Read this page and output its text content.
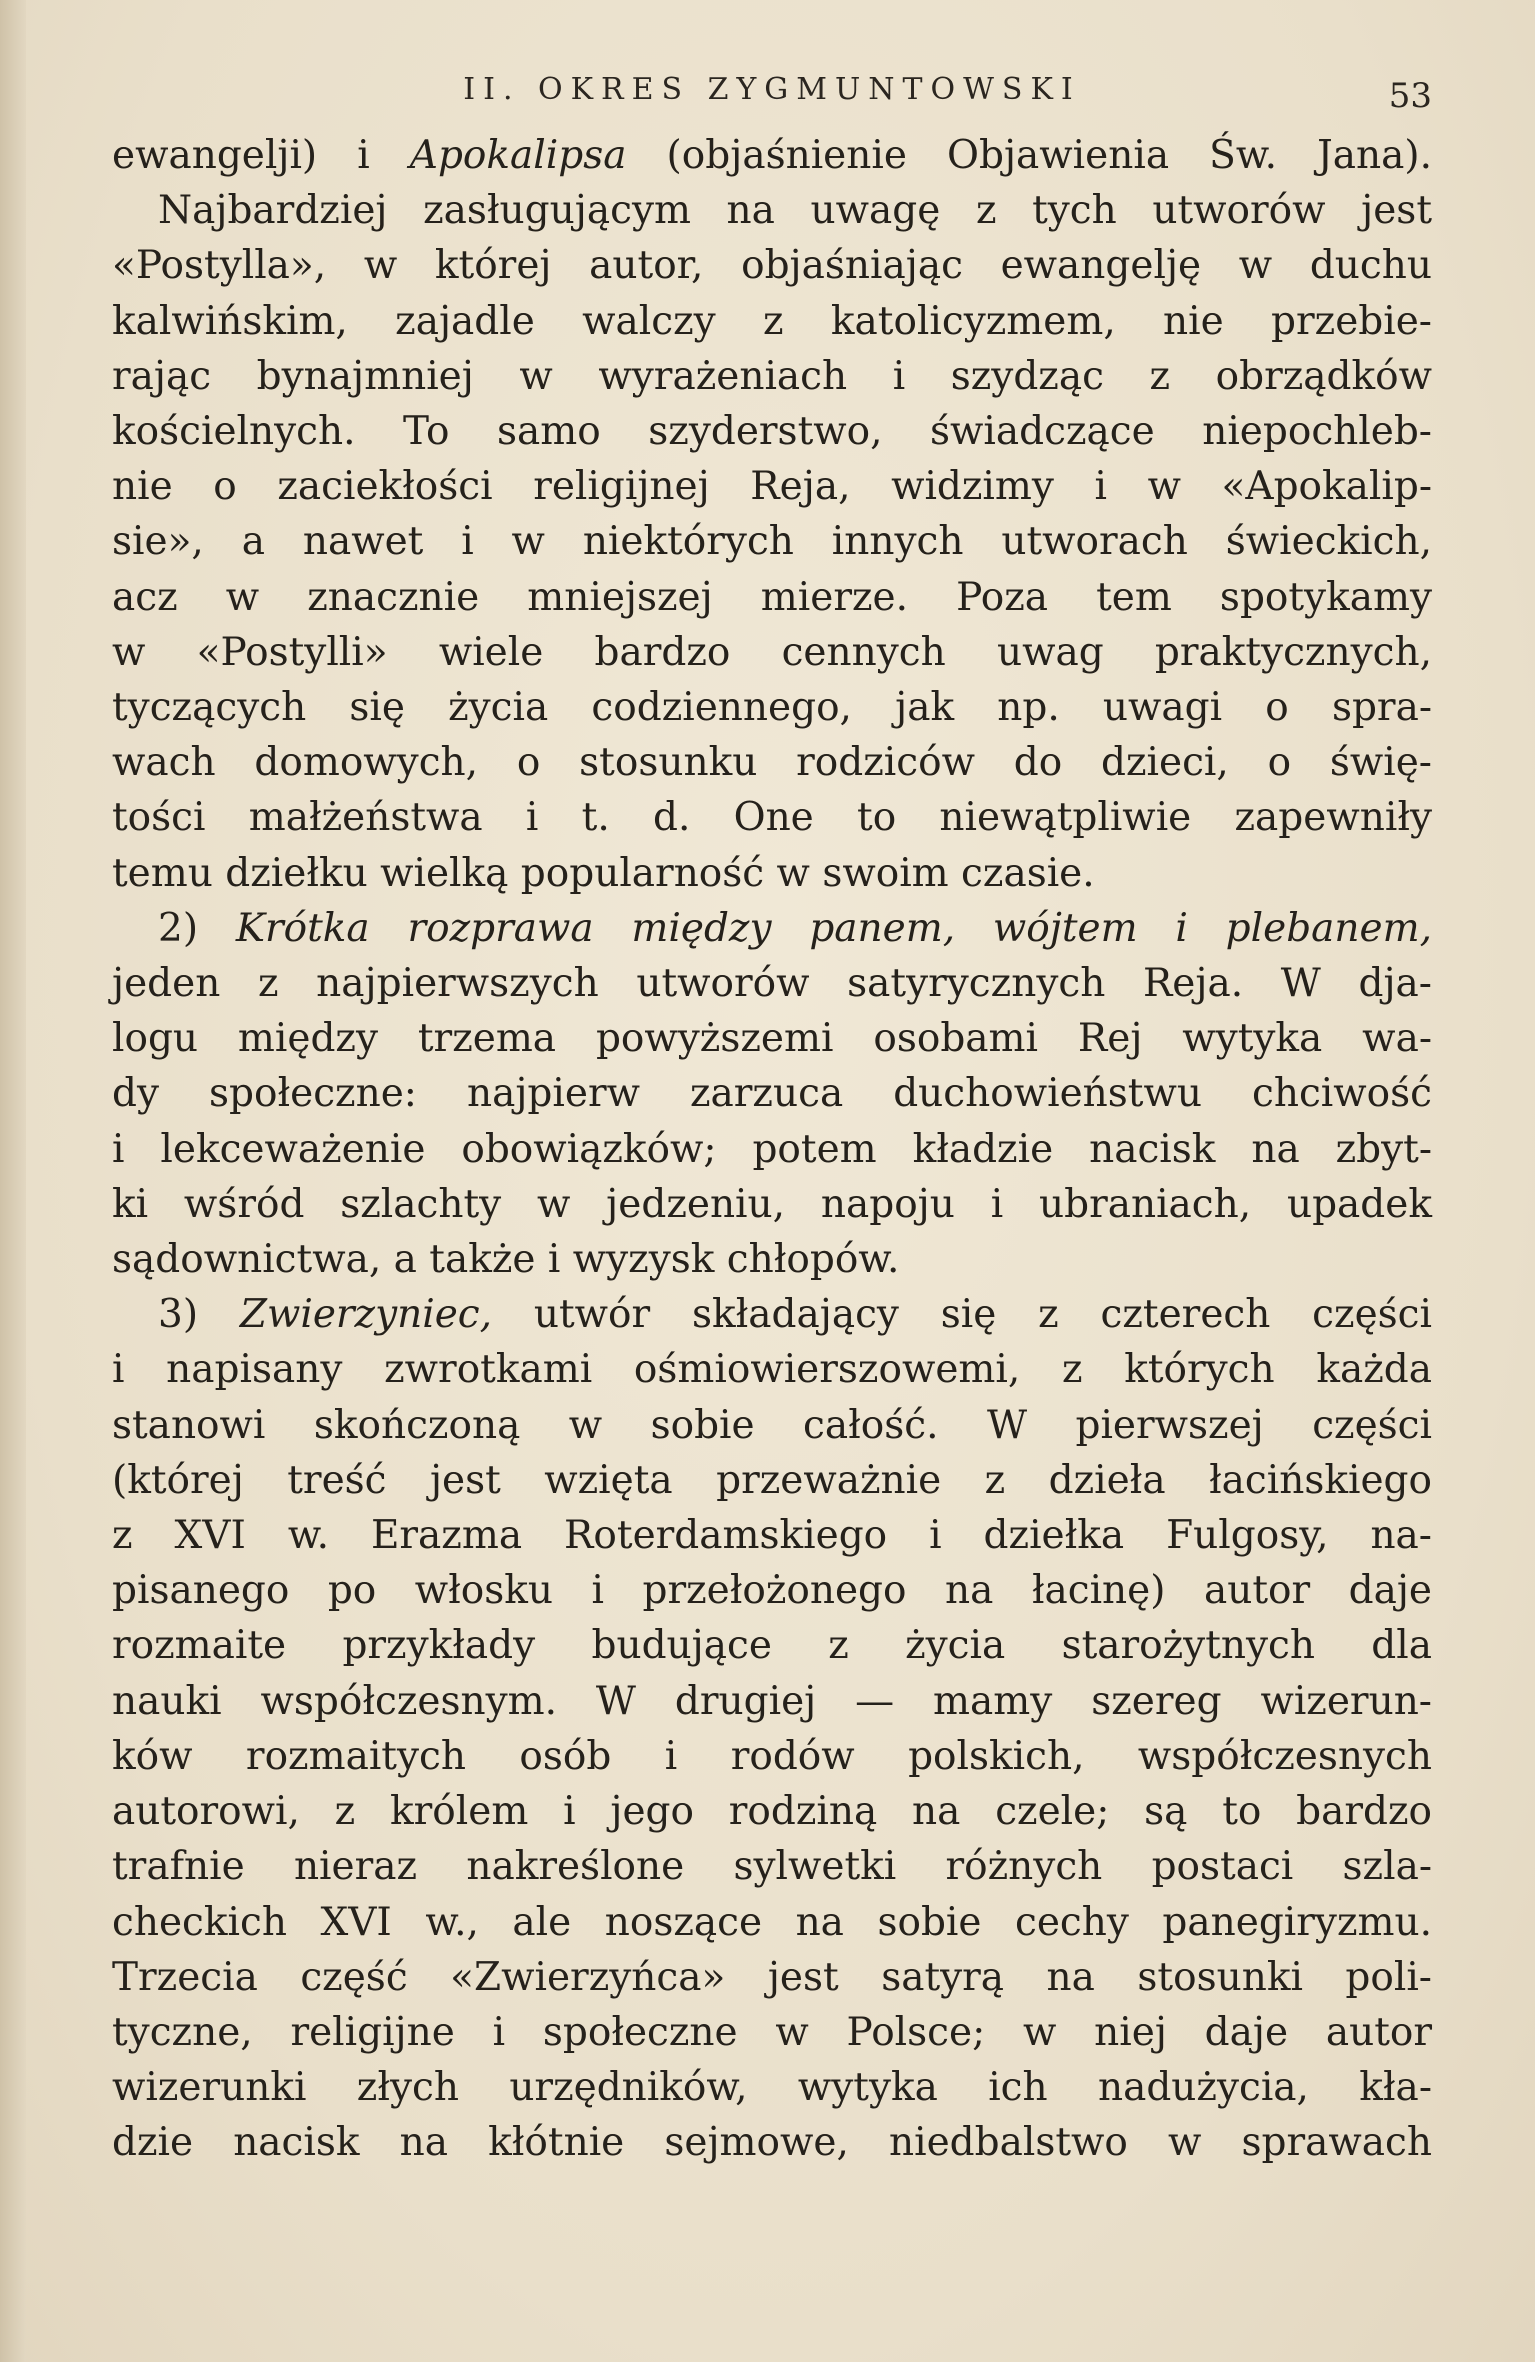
II. OKRES ZYGMUNTOWSKI	53

ewangelji) i Apokalipsa (objaśnienie Objawienia Św. Jana).

Najbardziej zasługującym na uwagę z tych utworów jest

«Postylla», w której autor, objaśniając ewangelję w duchu

kalwińskim, zajadle walczy z katolicyzmem, nie przebie-

rając bynajmniej w wyrażeniach i szydząc z obrządków

kościelnych. To samo szyderstwo, świadczące niepochleb-

nie o zaciekłości religijnej Reja, widzimy i w «Apokalip-

sie», a nawet i w niektórych innych utworach świeckich,

acz w znacznie mniejszej mierze. Poza tem spotykamy

w «Postylli» wiele bardzo cennych uwag praktycznych,

tyczących się życia codziennego, jak np. uwagi o spra-

wach domowych, o stosunku rodziców do dzieci, o świę-

tości małżeństwa i t. d. One to niewątpliwie zapewniły

temu dziełku wielką popularność w swoim czasie.

2) Krótka rozprawa między panem, wójtem i plebanem,

jeden z najpierwszych utworów satyrycznych Reja. W dja-

logu między trzema powyższemi osobami Rej wytyka wa-

dy społeczne: najpierw zarzuca duchowieństwu chciwość

i lekceważenie obowiązków; potem kładzie nacisk na zbyt-

ki wśród szlachty w jedzeniu, napoju i ubraniach, upadek

sądownictwa, a także i wyzysk chłopów.

3) Zwierzyniec, utwór składający się z czterech części

i napisany zwrotkami ośmiowierszowemi, z których każda

stanowi skończoną w sobie całość. W pierwszej części

(której treść jest wzięta przeważnie z dzieła łacińskiego

z XVI w. Erazma Roterdamskiego i dziełka Fulgosy, na-

pisanego po włosku i przełożonego na łacinę) autor daje

rozmaite przykłady budujące z życia starożytnych dla

nauki współczesnym. W drugiej — mamy szereg wizerun-

ków rozmaitych osób i rodów polskich, współczesnych

autorowi, z królem i jego rodziną na czele; są to bardzo

trafnie nieraz nakreślone sylwetki różnych postaci szla-

checkich XVI w., ale noszące na sobie cechy panegiryzmu.

Trzecia część «Zwierzyńca» jest satyrą na stosunki poli-

tyczne, religijne i społeczne w Polsce; w niej daje autor

wizerunki złych urzędników, wytyka ich nadużycia, kła-

dzie nacisk na kłótnie sejmowe, niedbalstwo w sprawach
